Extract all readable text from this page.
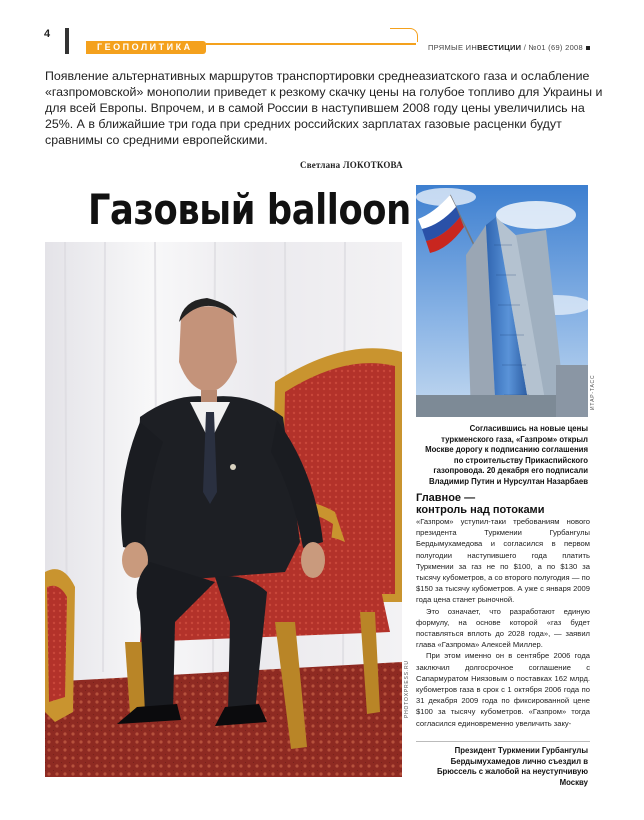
4
ГЕОПОЛИТИКА	ПРЯМЫЕ ИНВЕСТИЦИИ / №01 (69) 2008
Появление альтернативных маршрутов транспортировки среднеазиатского газа и ослабление «газпромовской» монополии приведет к резкому скачку цены на голубое топливо для Украины и для всей Европы. Впрочем, и в самой России в наступившем 2008 году цены увеличились на 25%. А в ближайшие три года при средних российских зарплатах газовые расценки будут сравнимы со средними европейскими.
Светлана ЛОКОТКОВА
Газовый balloon
PHOTOXPRESS.RU
ИТАР-ТАСС
Согласившись на новые цены туркменского газа, «Газпром» открыл Москве дорогу к подписанию соглашения по строительству Прикаспийского газопровода. 20 декабря его подписали Владимир Путин и Нурсултан Назарбаев
Главное —
контроль над потоками

«Газпром» уступил-таки требованиям нового президента Туркмении Гурбангулы Бердымухамедова и согласился в первом полугодии наступившего года платить Туркмении за газ не по $100, а по $130 за тысячу кубометров, а со второго полугодия — по $150 за тысячу кубометров. А уже с января 2009 года цена станет рыночной.

Это означает, что разработают единую формулу, на основе которой «газ будет поставляться вплоть до 2028 года», — заявил глава «Газпрома» Алексей Миллер.

При этом именно он в сентябре 2006 года заключил долгосрочное соглашение с Сапармуратом Ниязовым о поставках 162 млрд. кубометров газа в срок с 1 октября 2006 года по 31 декабря 2009 года по фиксированной цене $100 за тысячу кубометров. «Газпром» тогда согласился единовременно увеличить заку-

Президент Туркмении Гурбангулы Бердымухамедов лично съездил в Брюссель с жалобой на неуступчивую Москву
